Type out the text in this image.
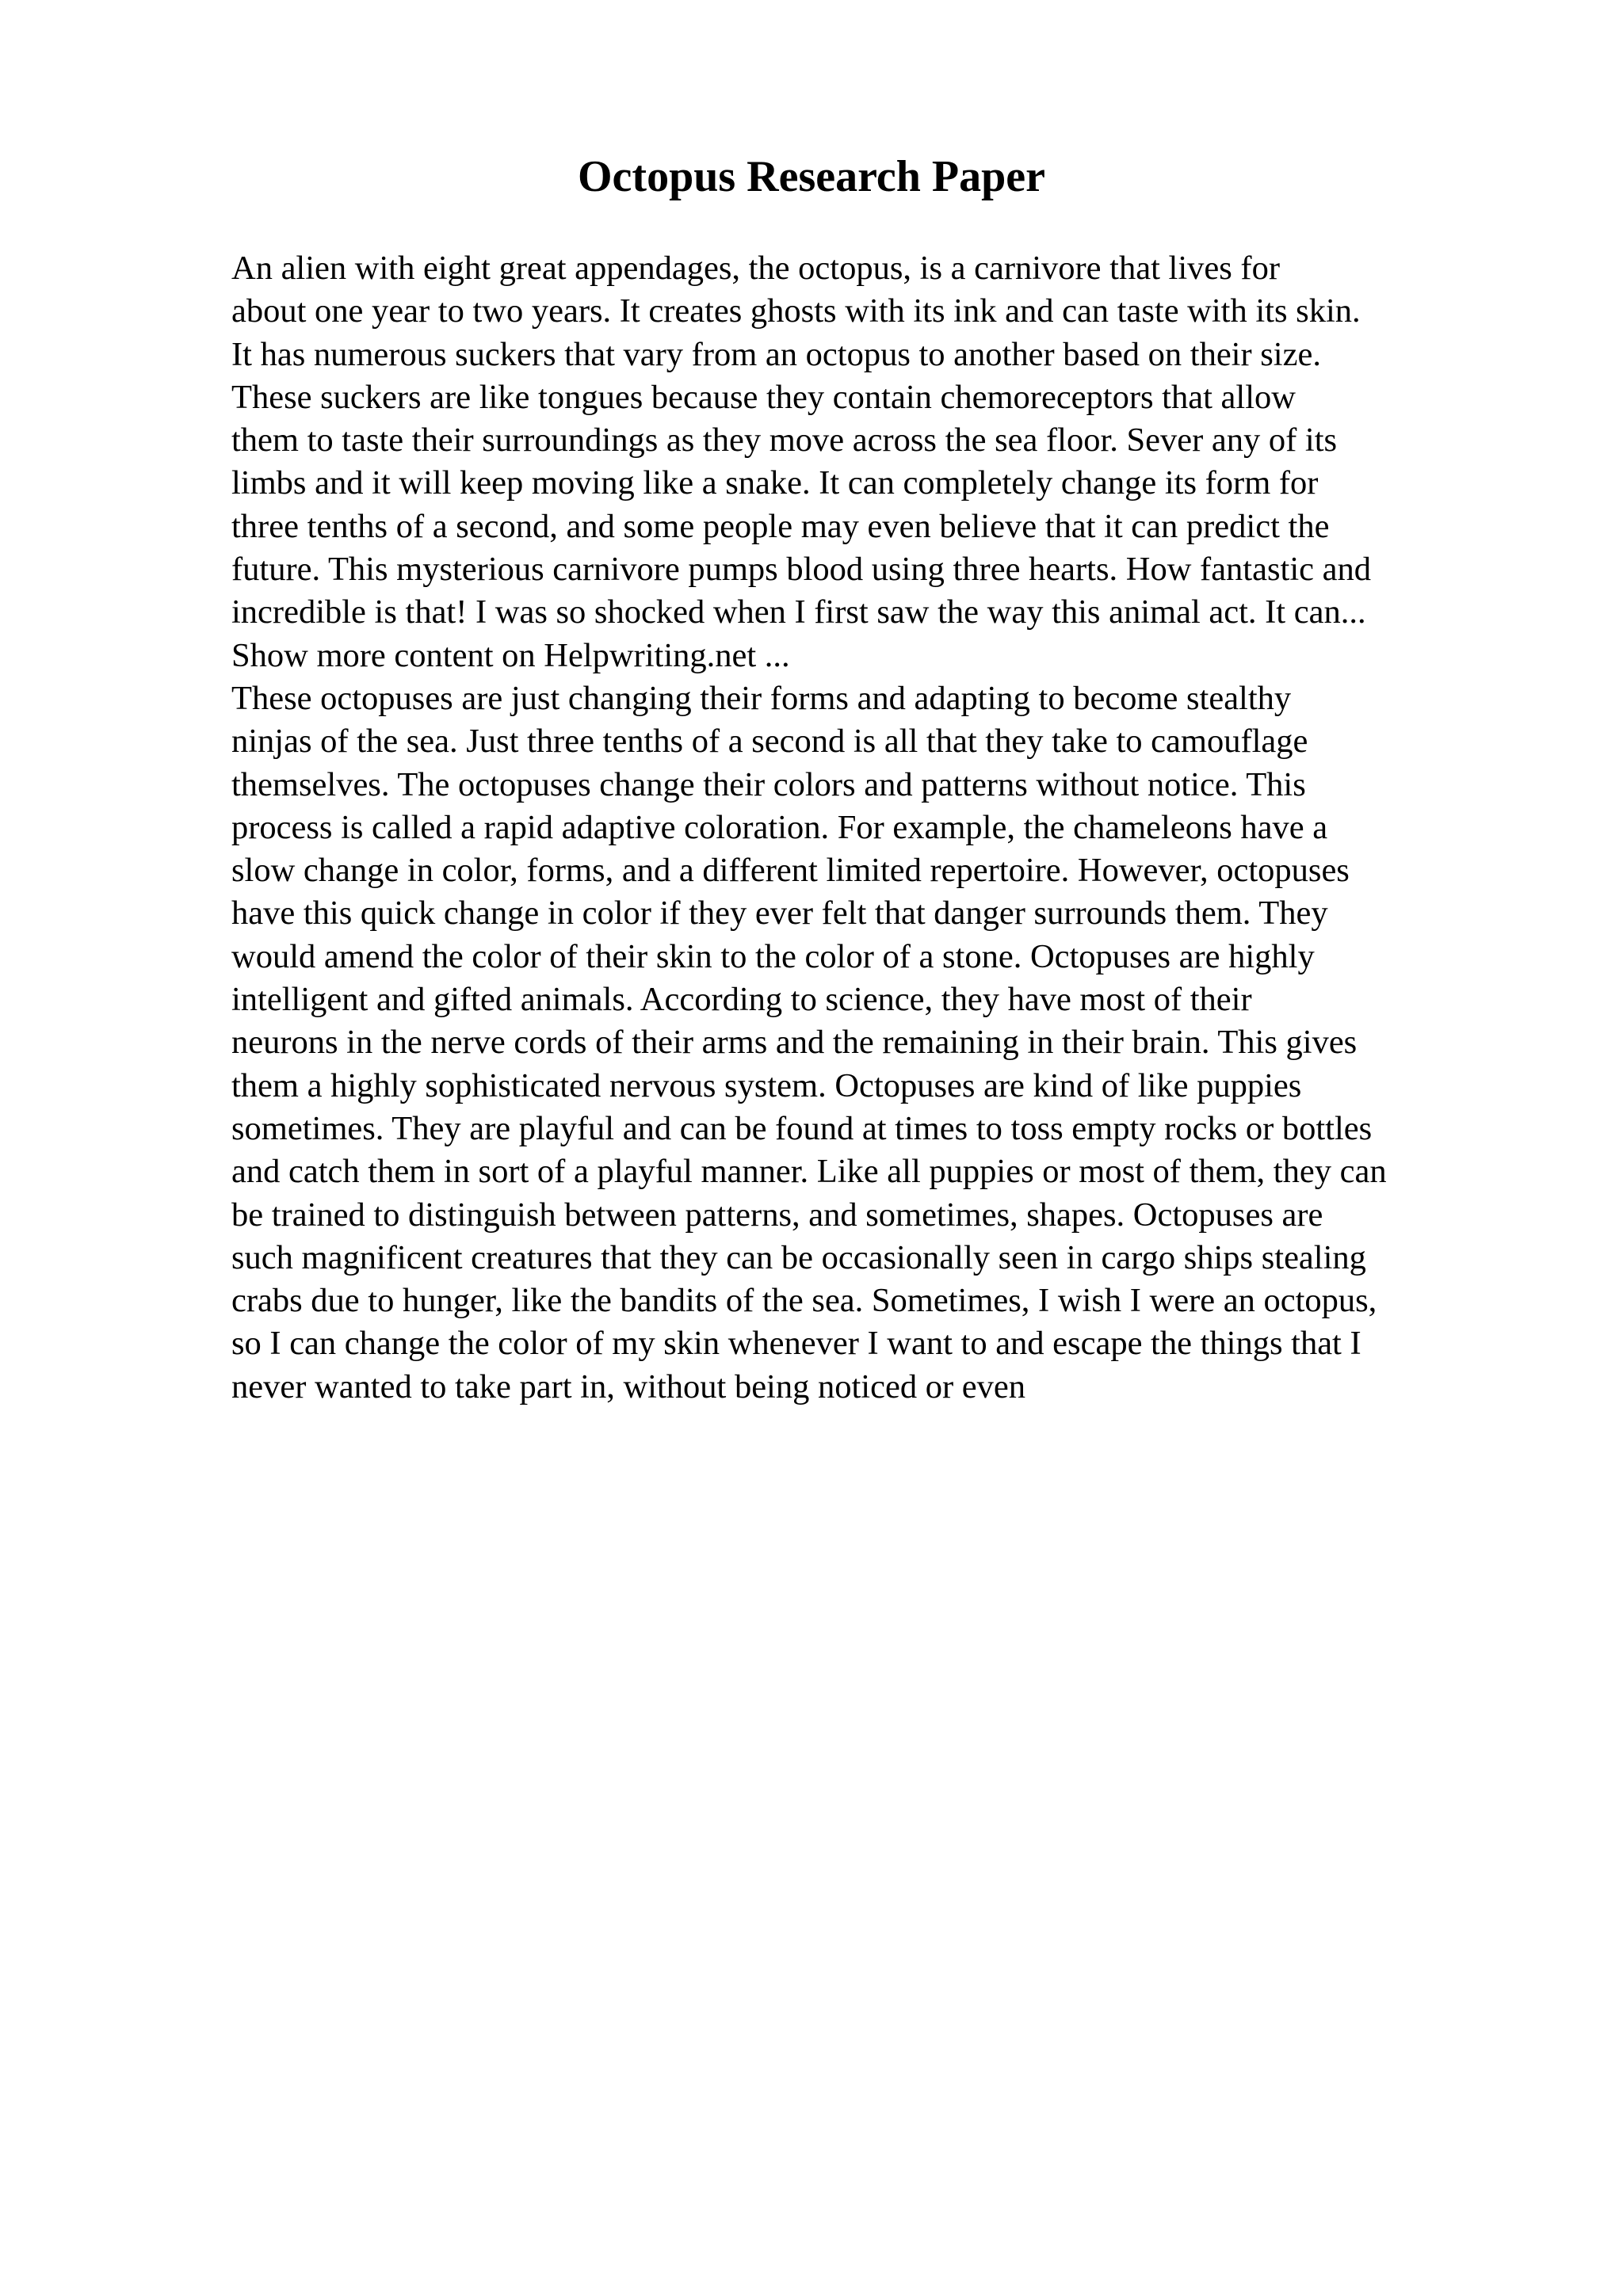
Octopus Research Paper
An alien with eight great appendages, the octopus, is a carnivore that lives for
about one year to two years. It creates ghosts with its ink and can taste with its skin.
It has numerous suckers that vary from an octopus to another based on their size.
These suckers are like tongues because they contain chemoreceptors that allow
them to taste their surroundings as they move across the sea floor. Sever any of its
limbs and it will keep moving like a snake. It can completely change its form for
three tenths of a second, and some people may even believe that it can predict the
future. This mysterious carnivore pumps blood using three hearts. How fantastic and
incredible is that! I was so shocked when I first saw the way this animal act. It can...
Show more content on Helpwriting.net ...
These octopuses are just changing their forms and adapting to become stealthy
ninjas of the sea. Just three tenths of a second is all that they take to camouflage
themselves. The octopuses change their colors and patterns without notice. This
process is called a rapid adaptive coloration. For example, the chameleons have a
slow change in color, forms, and a different limited repertoire. However, octopuses
have this quick change in color if they ever felt that danger surrounds them. They
would amend the color of their skin to the color of a stone. Octopuses are highly
intelligent and gifted animals. According to science, they have most of their
neurons in the nerve cords of their arms and the remaining in their brain. This gives
them a highly sophisticated nervous system. Octopuses are kind of like puppies
sometimes. They are playful and can be found at times to toss empty rocks or bottles
and catch them in sort of a playful manner. Like all puppies or most of them, they can
be trained to distinguish between patterns, and sometimes, shapes. Octopuses are
such magnificent creatures that they can be occasionally seen in cargo ships stealing
crabs due to hunger, like the bandits of the sea. Sometimes, I wish I were an octopus,
so I can change the color of my skin whenever I want to and escape the things that I
never wanted to take part in, without being noticed or even
